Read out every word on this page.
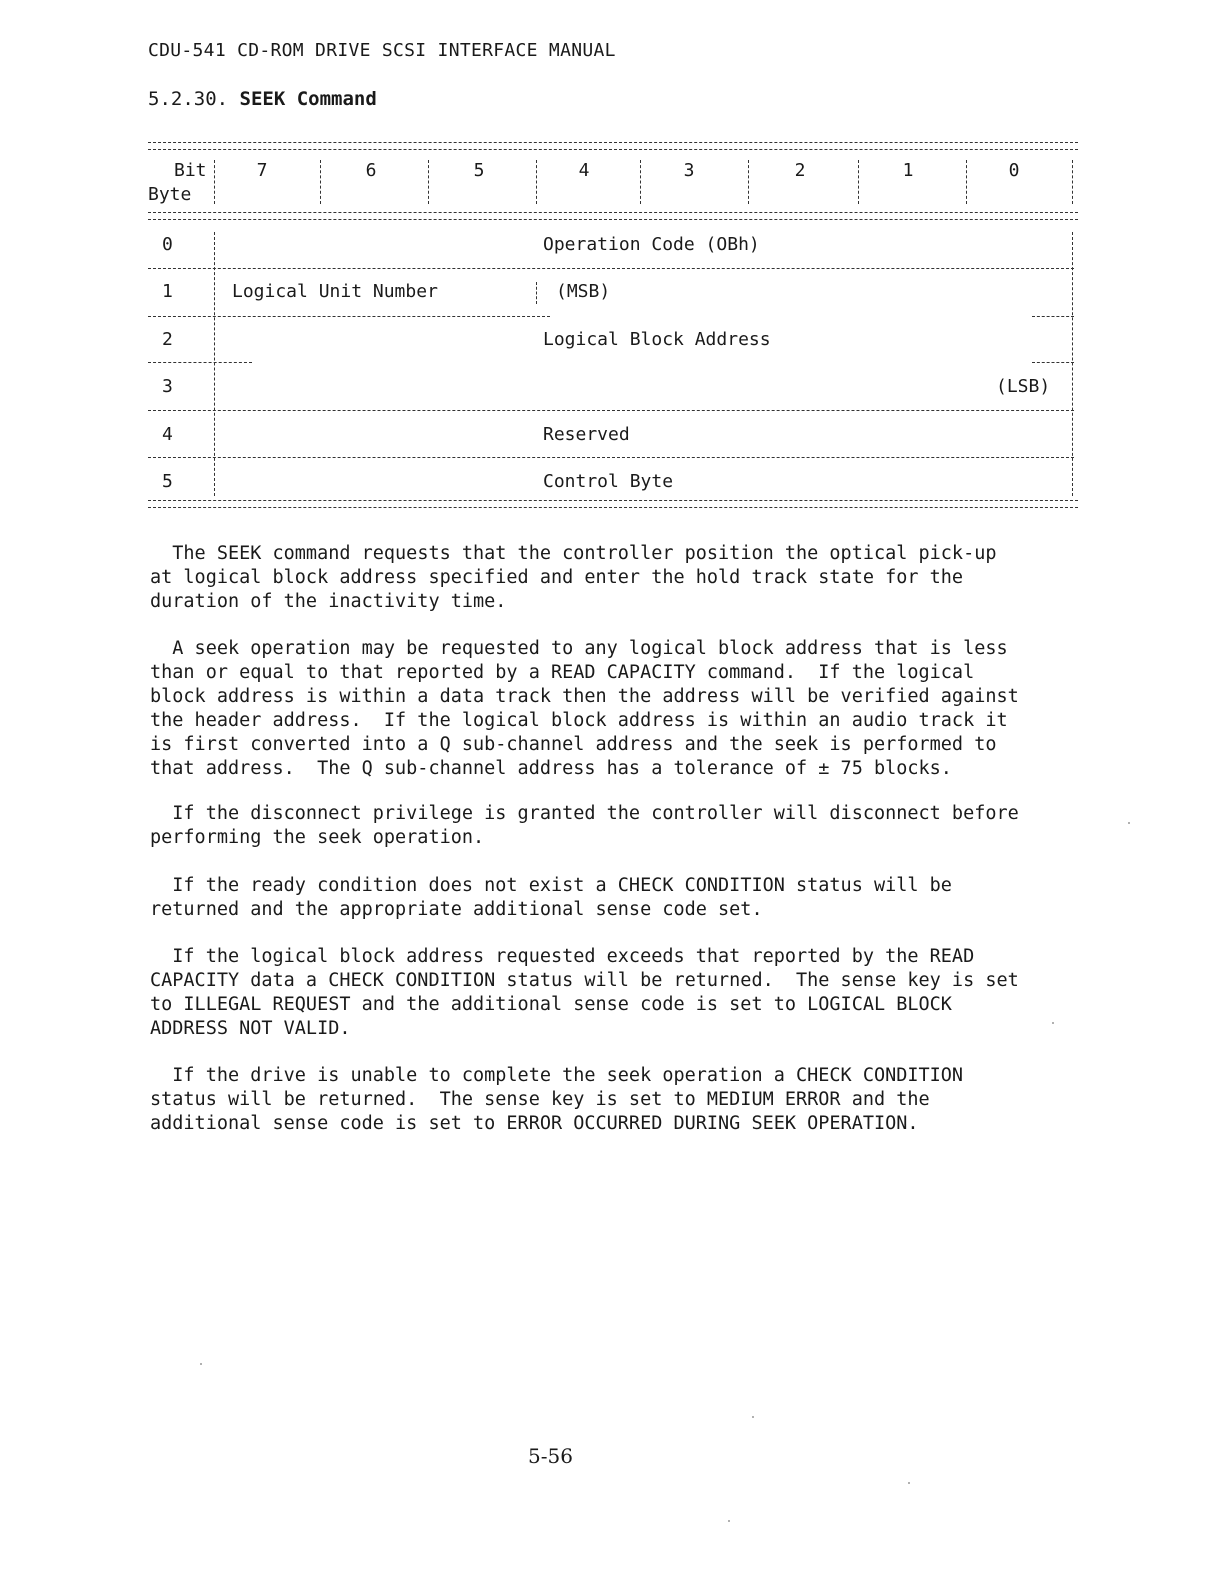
CDU-541 CD-ROM DRIVE SCSI INTERFACE MANUAL
5.2.30. SEEK Command
Bit
Byte
7	6	5	4	3	2	1	0
0	Operation Code (OBh)
1	Logical Unit Number	(MSB)
2	Logical Block Address
3	(LSB)
4	Reserved
5	Control Byte
The SEEK command requests that the controller position the optical pick-up
at logical block address specified and enter the hold track state for the
duration of the inactivity time.
A seek operation may be requested to any logical block address that is less
than or equal to that reported by a READ CAPACITY command.  If the logical
block address is within a data track then the address will be verified against
the header address.  If the logical block address is within an audio track it
is first converted into a Q sub-channel address and the seek is performed to
that address.  The Q sub-channel address has a tolerance of ± 75 blocks.
If the disconnect privilege is granted the controller will disconnect before
performing the seek operation.
If the ready condition does not exist a CHECK CONDITION status will be
returned and the appropriate additional sense code set.
If the logical block address requested exceeds that reported by the READ
CAPACITY data a CHECK CONDITION status will be returned.  The sense key is set
to ILLEGAL REQUEST and the additional sense code is set to LOGICAL BLOCK
ADDRESS NOT VALID.
If the drive is unable to complete the seek operation a CHECK CONDITION
status will be returned.  The sense key is set to MEDIUM ERROR and the
additional sense code is set to ERROR OCCURRED DURING SEEK OPERATION.
5-56
